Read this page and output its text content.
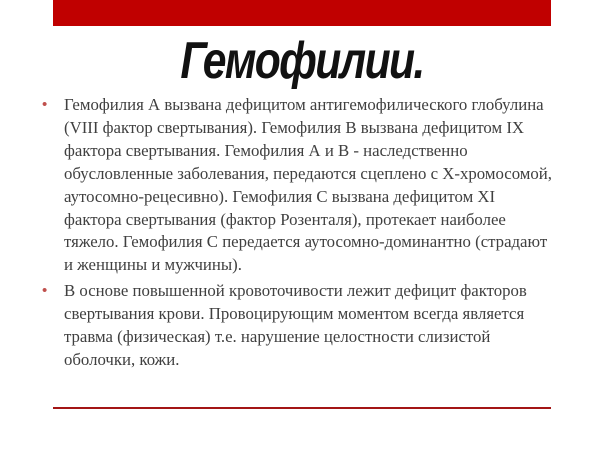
Гемофилии.
• Гемофилия А вызвана дефицитом антигемофилического глобулина (VIII фактор свертывания). Гемофилия В вызвана дефицитом IX фактора свертывания. Гемофилия А и В - наследственно обусловленные заболевания, передаются сцеплено с Х-хромосомой, аутосомно-рецесивно). Гемофилия С вызвана дефицитом XI фактора свертывания (фактор Розенталя), протекает наиболее тяжело. Гемофилия С передается аутосомно-доминантно (страдают и женщины и мужчины).
• В основе повышенной кровоточивости лежит дефицит факторов свертывания крови. Провоцирующим моментом всегда является травма (физическая) т.е. нарушение целостности слизистой оболочки, кожи.
